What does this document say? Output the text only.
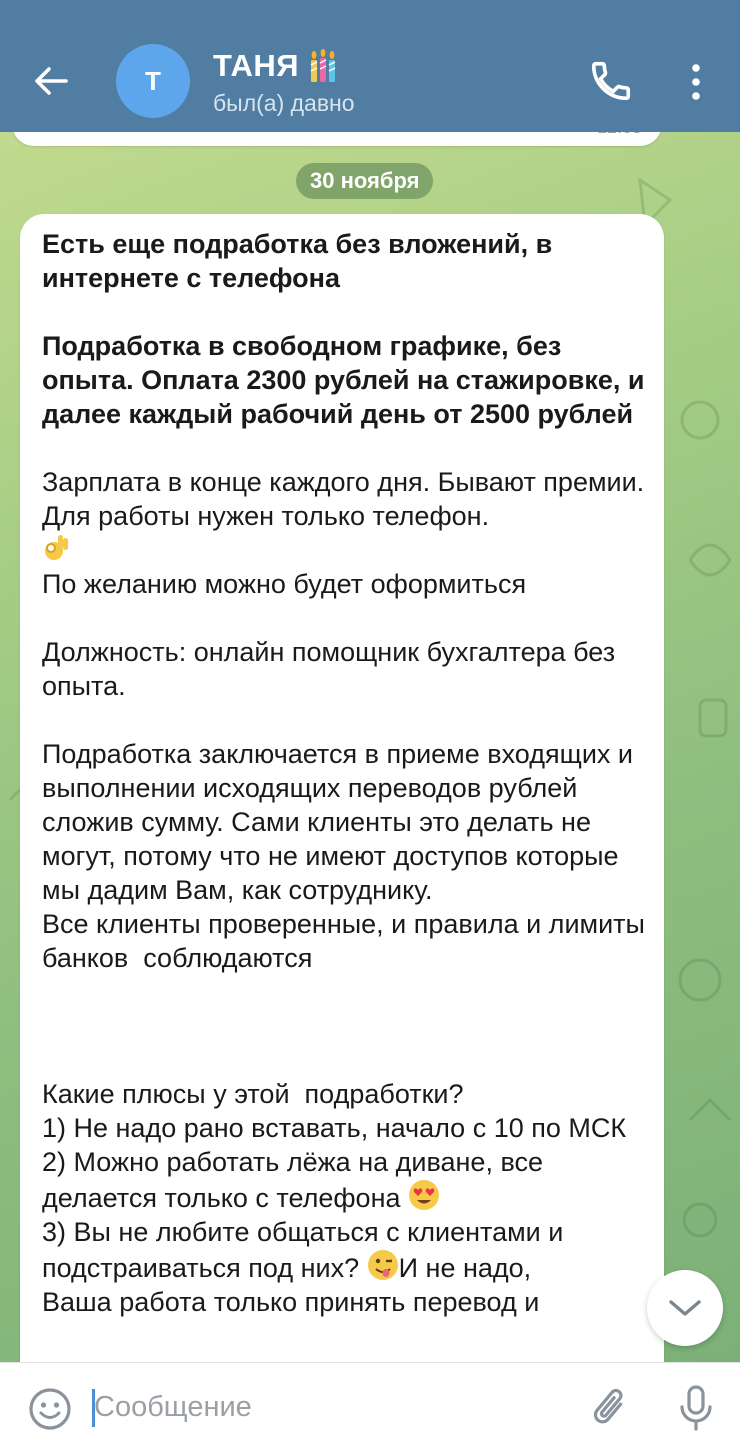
Т	ТАНЯ
был(а) давно
30 ноября
Есть еще подработка без вложений, в интернете с телефона

Подработка в свободном графике, без опыта. Оплата 2300 рублей на стажировке, и далее каждый рабочий день от 2500 рублей

Зарплата в конце каждого дня. Бывают премии. Для работы нужен только телефон.

По желанию можно будет оформиться

Должность: онлайн помощник бухгалтера без опыта.

Подработка заключается в приеме входящих и выполнении исходящих переводов рублей сложив сумму. Сами клиенты это делать не могут, потому что не имеют доступов которые мы дадим Вам, как сотруднику.
Все клиенты проверенные, и правила и лимиты банков  соблюдаются

Какие плюсы у этой  подработки?
1) Не надо рано вставать, начало с 10 по МСК
2) Можно работать лёжа на диване, все делается только с телефона
3) Вы не любите общаться с клиентами и подстраиваться под них? И не надо,
Ваша работа только принять перевод и
Сообщение
